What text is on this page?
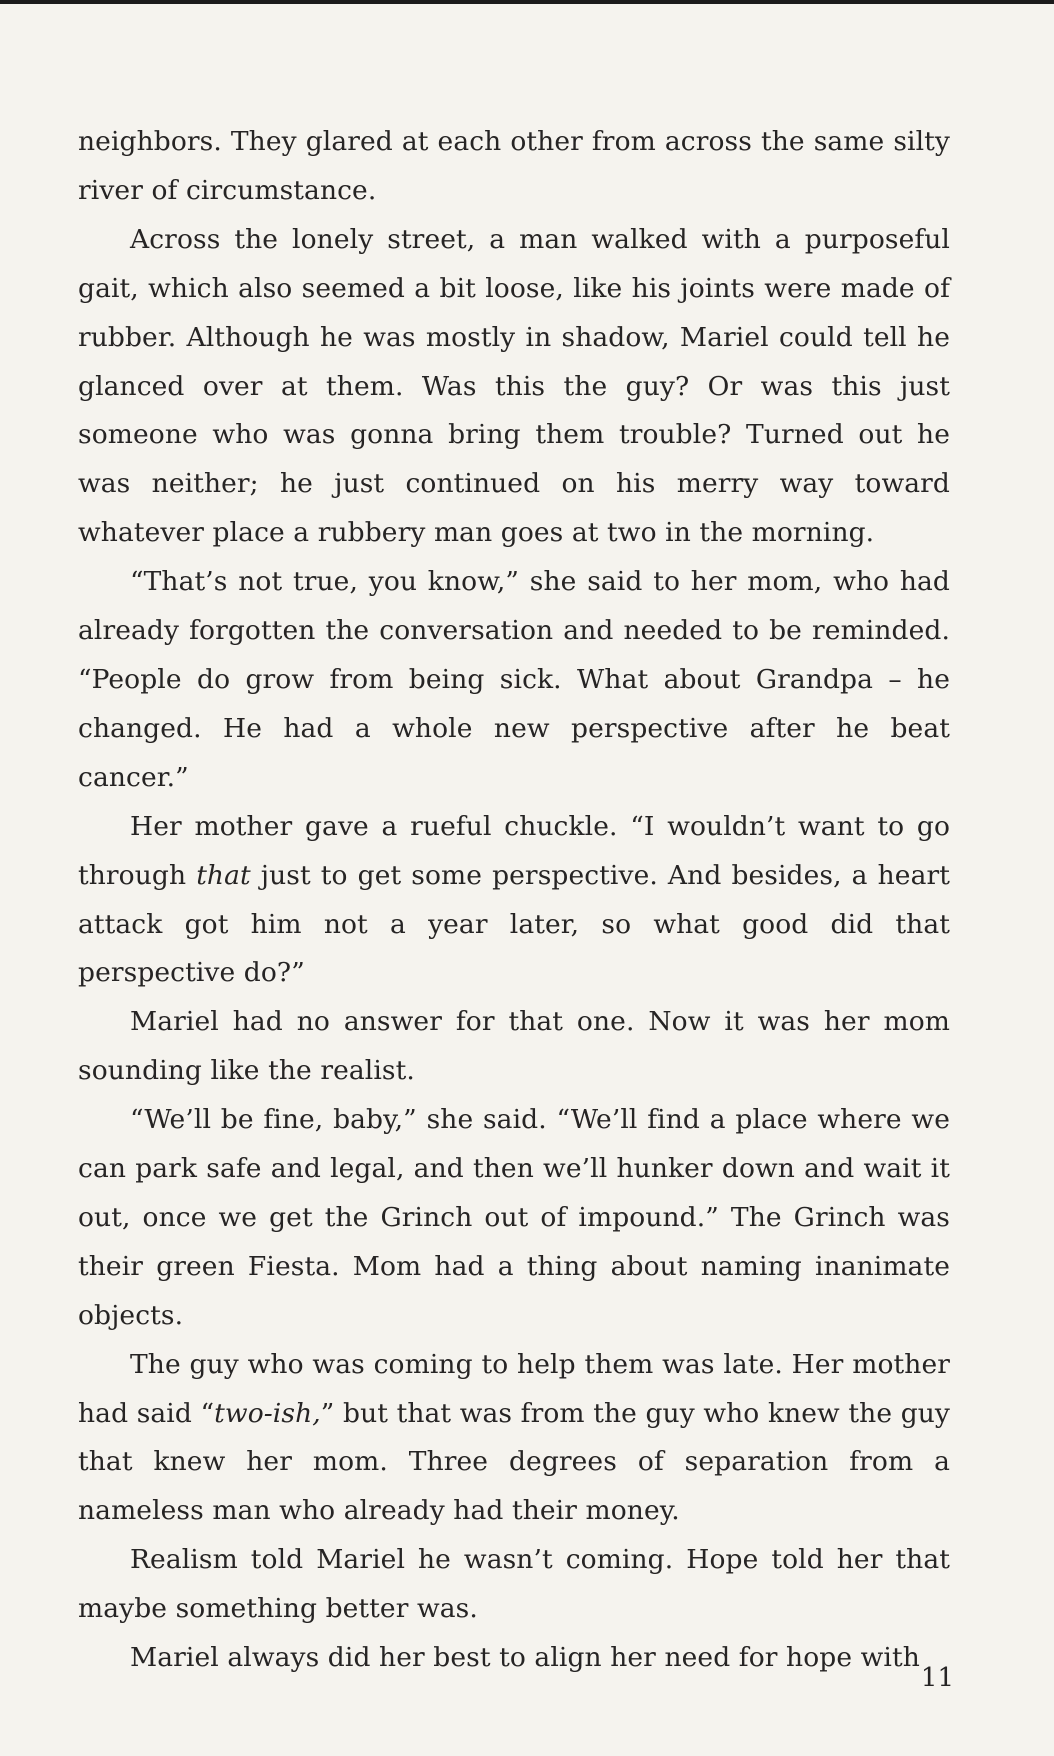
neighbors. They glared at each other from across the same silty river of circumstance.

Across the lonely street, a man walked with a purposeful gait, which also seemed a bit loose, like his joints were made of rubber. Although he was mostly in shadow, Mariel could tell he glanced over at them. Was this the guy? Or was this just someone who was gonna bring them trouble? Turned out he was neither; he just continued on his merry way toward whatever place a rubbery man goes at two in the morning.

“That’s not true, you know,” she said to her mom, who had already forgotten the conversation and needed to be reminded. “People do grow from being sick. What about Grandpa – he changed. He had a whole new perspective after he beat cancer.”

Her mother gave a rueful chuckle. “I wouldn’t want to go through that just to get some perspective. And besides, a heart attack got him not a year later, so what good did that perspective do?”

Mariel had no answer for that one. Now it was her mom sounding like the realist.

“We’ll be fine, baby,” she said. “We’ll find a place where we can park safe and legal, and then we’ll hunker down and wait it out, once we get the Grinch out of impound.” The Grinch was their green Fiesta. Mom had a thing about naming inanimate objects.

The guy who was coming to help them was late. Her mother had said “two-ish,” but that was from the guy who knew the guy that knew her mom. Three degrees of separation from a nameless man who already had their money.

Realism told Mariel he wasn’t coming. Hope told her that maybe something better was.

Mariel always did her best to align her need for hope with

11
